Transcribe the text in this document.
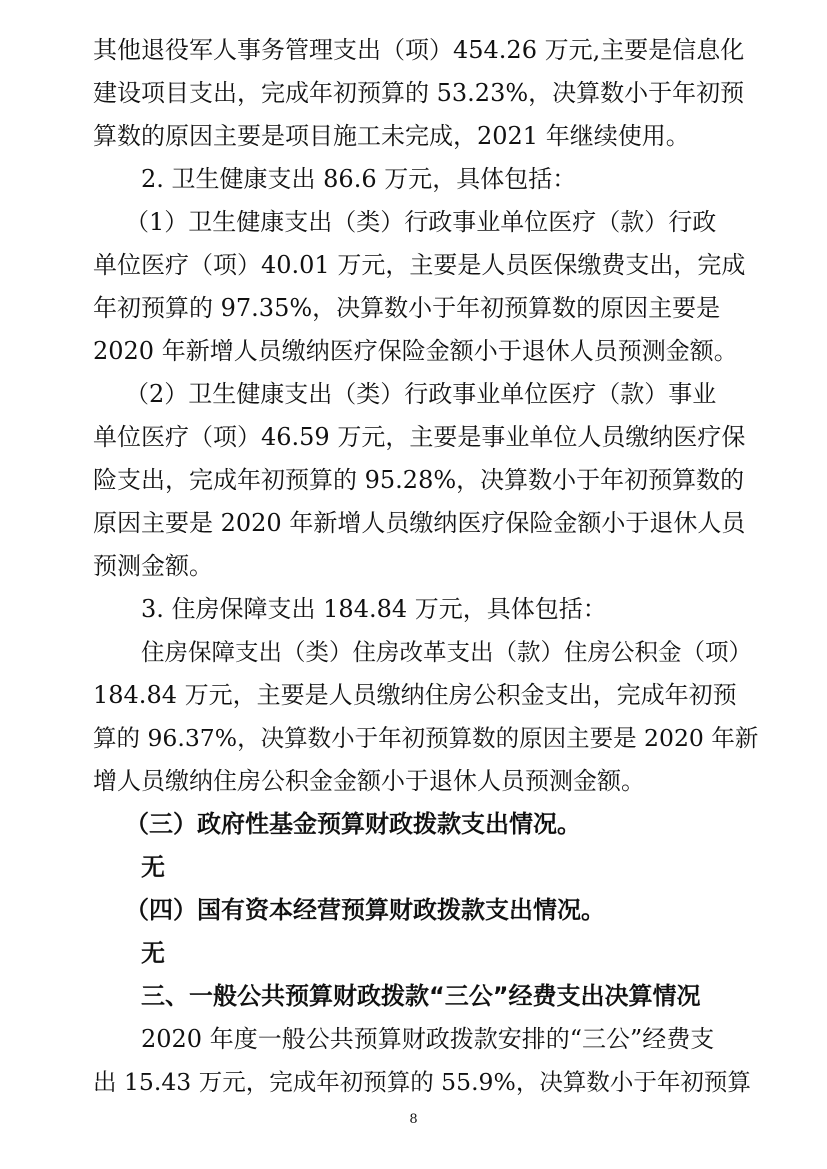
其他退役军人事务管理支出（项）454.26 万元,主要是信息化
建设项目支出，完成年初预算的 53.23%，决算数小于年初预
算数的原因主要是项目施工未完成，2021 年继续使用。
2. 卫生健康支出 86.6 万元，具体包括：
（1）卫生健康支出（类）行政事业单位医疗（款）行政
单位医疗（项）40.01 万元，主要是人员医保缴费支出，完成
年初预算的 97.35%，决算数小于年初预算数的原因主要是
2020 年新增人员缴纳医疗保险金额小于退休人员预测金额。
（2）卫生健康支出（类）行政事业单位医疗（款）事业
单位医疗（项）46.59 万元，主要是事业单位人员缴纳医疗保
险支出，完成年初预算的 95.28%，决算数小于年初预算数的
原因主要是 2020 年新增人员缴纳医疗保险金额小于退休人员
预测金额。
3. 住房保障支出 184.84 万元，具体包括：
住房保障支出（类）住房改革支出（款）住房公积金（项）
184.84 万元，主要是人员缴纳住房公积金支出，完成年初预
算的 96.37%，决算数小于年初预算数的原因主要是 2020 年新
增人员缴纳住房公积金金额小于退休人员预测金额。
（三）政府性基金预算财政拨款支出情况。
无
（四）国有资本经营预算财政拨款支出情况。
无
三、一般公共预算财政拨款“三公”经费支出决算情况
2020 年度一般公共预算财政拨款安排的“三公”经费支
出 15.43 万元，完成年初预算的 55.9%，决算数小于年初预算
8
